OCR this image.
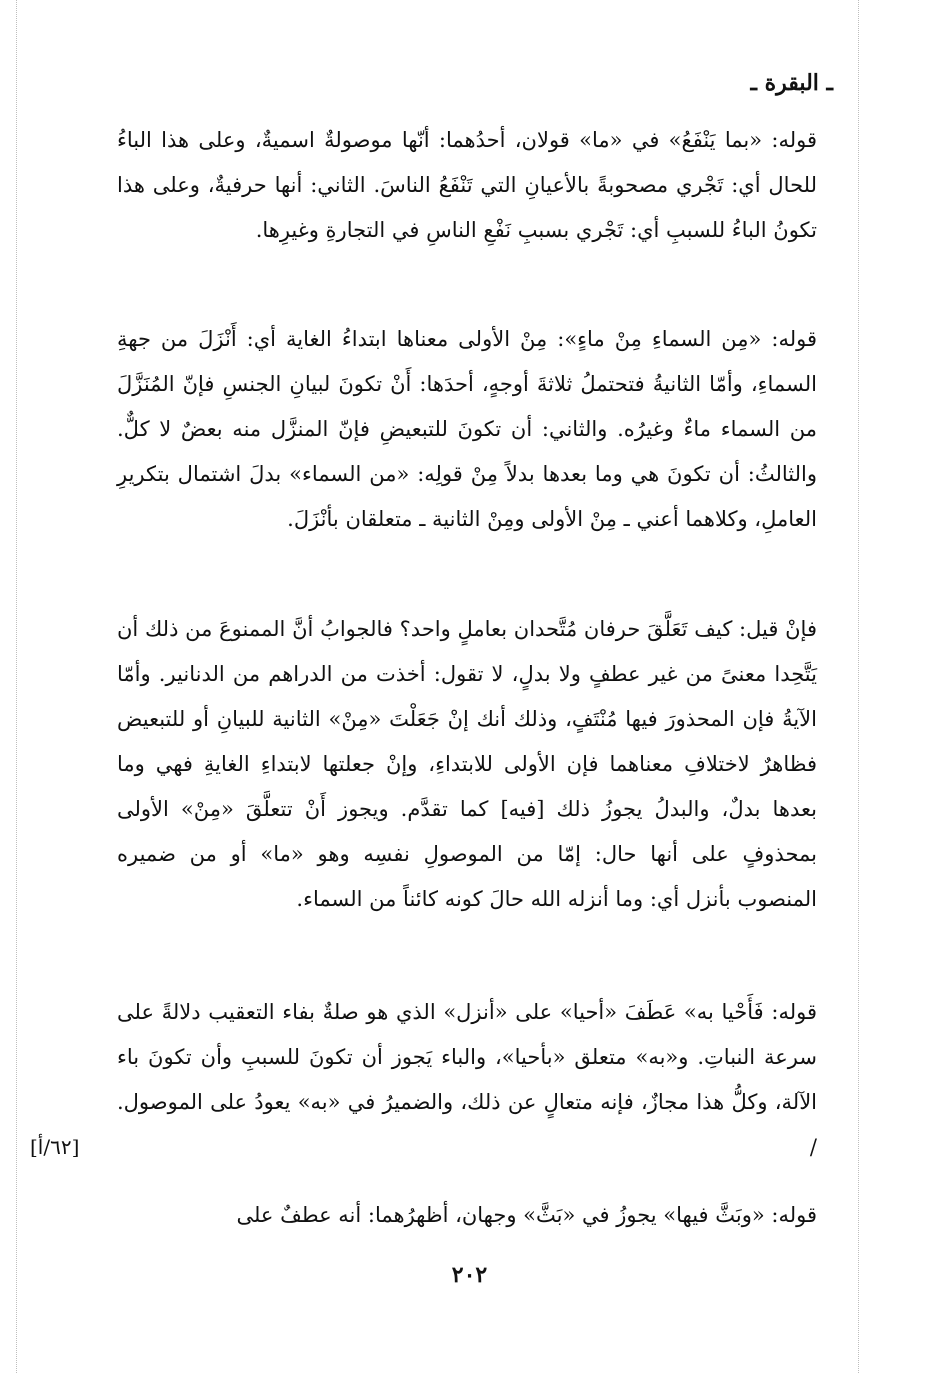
ـ البقرة ـ
قوله: «بما يَنْفَعُ» في «ما» قولان، أحدُهما: أنّها موصولةٌ اسميةٌ، وعلى هذا الباءُ للحال أي: تَجْري مصحوبةً بالأعيانِ التي تَنْفَعُ الناسَ. الثاني: أنها حرفيةٌ، وعلى هذا تكونُ الباءُ للسببِ أي: تَجْري بسببِ نَفْعِ الناسِ في التجارةِ وغيرِها.
قوله: «مِن السماءِ مِنْ ماءٍ»: مِنْ الأولى معناها ابتداءُ الغاية أي: أَنْزَلَ من جهةِ السماءِ، وأمّا الثانيةُ فتحتملُ ثلاثةَ أوجهٍ، أحدَها: أَنْ تكونَ لبيانِ الجنسِ فإنّ المُنَزَّلَ من السماء ماءٌ وغيرُه. والثاني: أن تكونَ للتبعيضِ فإنّ المنزَّل منه بعضٌ لا كلٌّ. والثالثُ: أن تكونَ هي وما بعدها بدلاً مِنْ قولِه: «من السماء» بدلَ اشتمال بتكريرِ العاملِ، وكلاهما أعني ـ مِنْ الأولى ومِنْ الثانية ـ متعلقان بأنْزَلَ.
فإنْ قيل: كيف تَعَلَّقَ حرفان مُتَّحدان بعاملٍ واحد؟ فالجوابُ أنَّ الممنوعَ من ذلك أن يَتَّحِدا معنىً من غير عطفٍ ولا بدلٍ، لا تقول: أخذت من الدراهم من الدنانير. وأمّا الآيةُ فإن المحذورَ فيها مُنْتَفٍ، وذلك أنك إنْ جَعَلْتَ «مِنْ» الثانية للبيانِ أو للتبعيض فظاهرٌ لاختلافِ معناهما فإن الأولى للابتداءِ، وإنْ جعلتها لابتداءِ الغايةِ فهي وما بعدها بدلٌ، والبدلُ يجوزُ ذلك [فيه] كما تقدَّم. ويجوز أَنْ تتعلَّقَ «مِنْ» الأولى بمحذوفٍ على أنها حال: إمّا من الموصولِ نفسِه وهو «ما» أو من ضميره المنصوب بأنزل أي: وما أنزله الله حالَ كونه كائناً من السماء.
قوله: فَأَحْيا به» عَطَفَ «أحيا» على «أنزل» الذي هو صلةٌ بفاء التعقيب دلالةً على سرعة النباتِ. و«به» متعلق «بأحيا»، والباء يَجوز أن تكونَ للسببِ وأن تكونَ باء الآلة، وكلُّ هذا مجازٌ، فإنه متعالٍ عن ذلك، والضميرُ في «به» يعودُ على الموصول. /
قوله: «وبَثَّ فيها» يجوزُ في «بَثَّ» وجهان، أظهرُهما: أنه عطفٌ على
[٦٢/أ]
٢٠٢
